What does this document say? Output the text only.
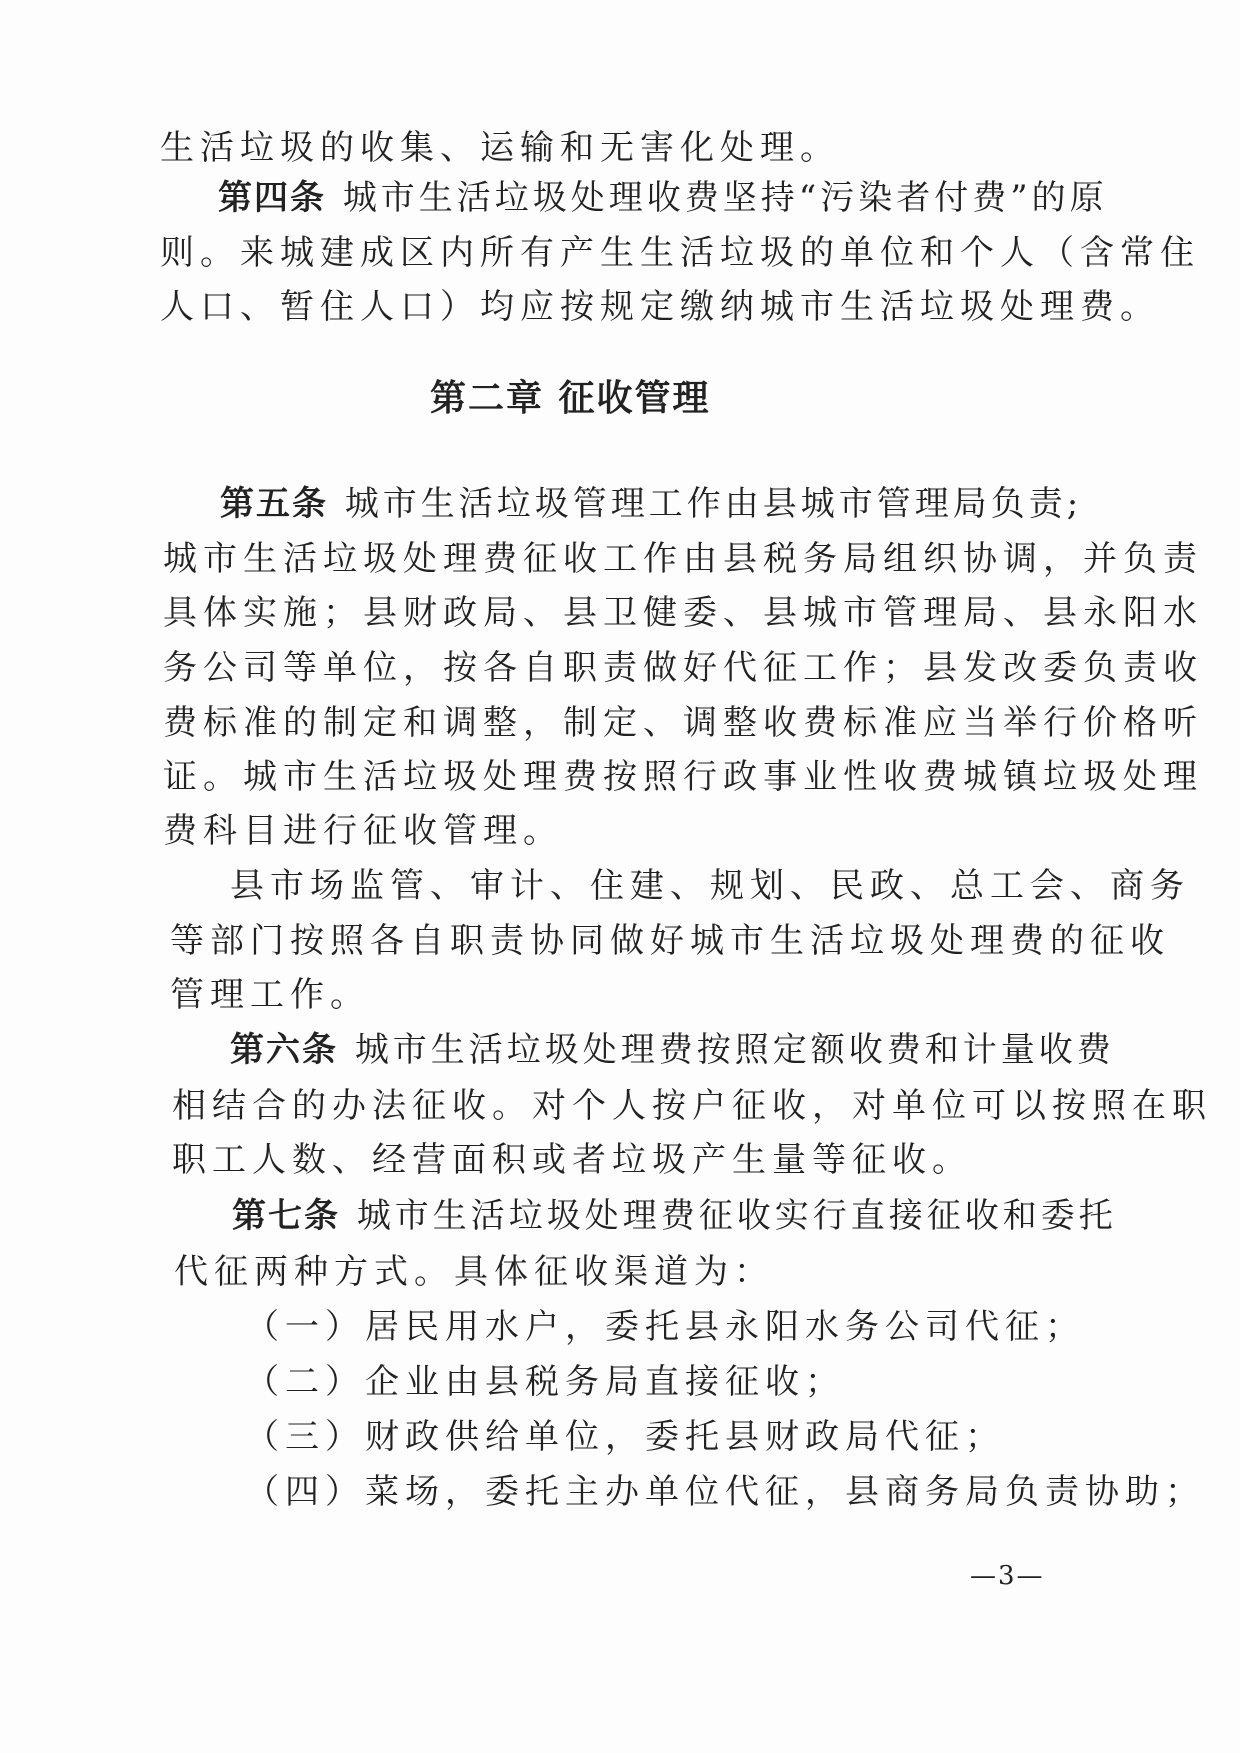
生活垃圾的收集、运输和无害化处理。
第四条 城市生活垃圾处理收费坚持“污染者付费”的原
则。来城建成区内所有产生生活垃圾的单位和个人（含常住
人口、暂住人口）均应按规定缴纳城市生活垃圾处理费。
第二章 征收管理
第五条 城市生活垃圾管理工作由县城市管理局负责;
城市生活垃圾处理费征收工作由县税务局组织协调，并负责
具体实施；县财政局、县卫健委、县城市管理局、县永阳水
务公司等单位，按各自职责做好代征工作；县发改委负责收
费标准的制定和调整，制定、调整收费标准应当举行价格听
证。城市生活垃圾处理费按照行政事业性收费城镇垃圾处理
费科目进行征收管理。
县市场监管、审计、住建、规划、民政、总工会、商务
等部门按照各自职责协同做好城市生活垃圾处理费的征收
管理工作。
第六条 城市生活垃圾处理费按照定额收费和计量收费
相结合的办法征收。对个人按户征收，对单位可以按照在职
职工人数、经营面积或者垃圾产生量等征收。
第七条 城市生活垃圾处理费征收实行直接征收和委托
代征两种方式。具体征收渠道为：
（一）居民用水户，委托县永阳水务公司代征；
（二）企业由县税务局直接征收；
（三）财政供给单位，委托县财政局代征；
（四）菜场，委托主办单位代征，县商务局负责协助；
—3—
